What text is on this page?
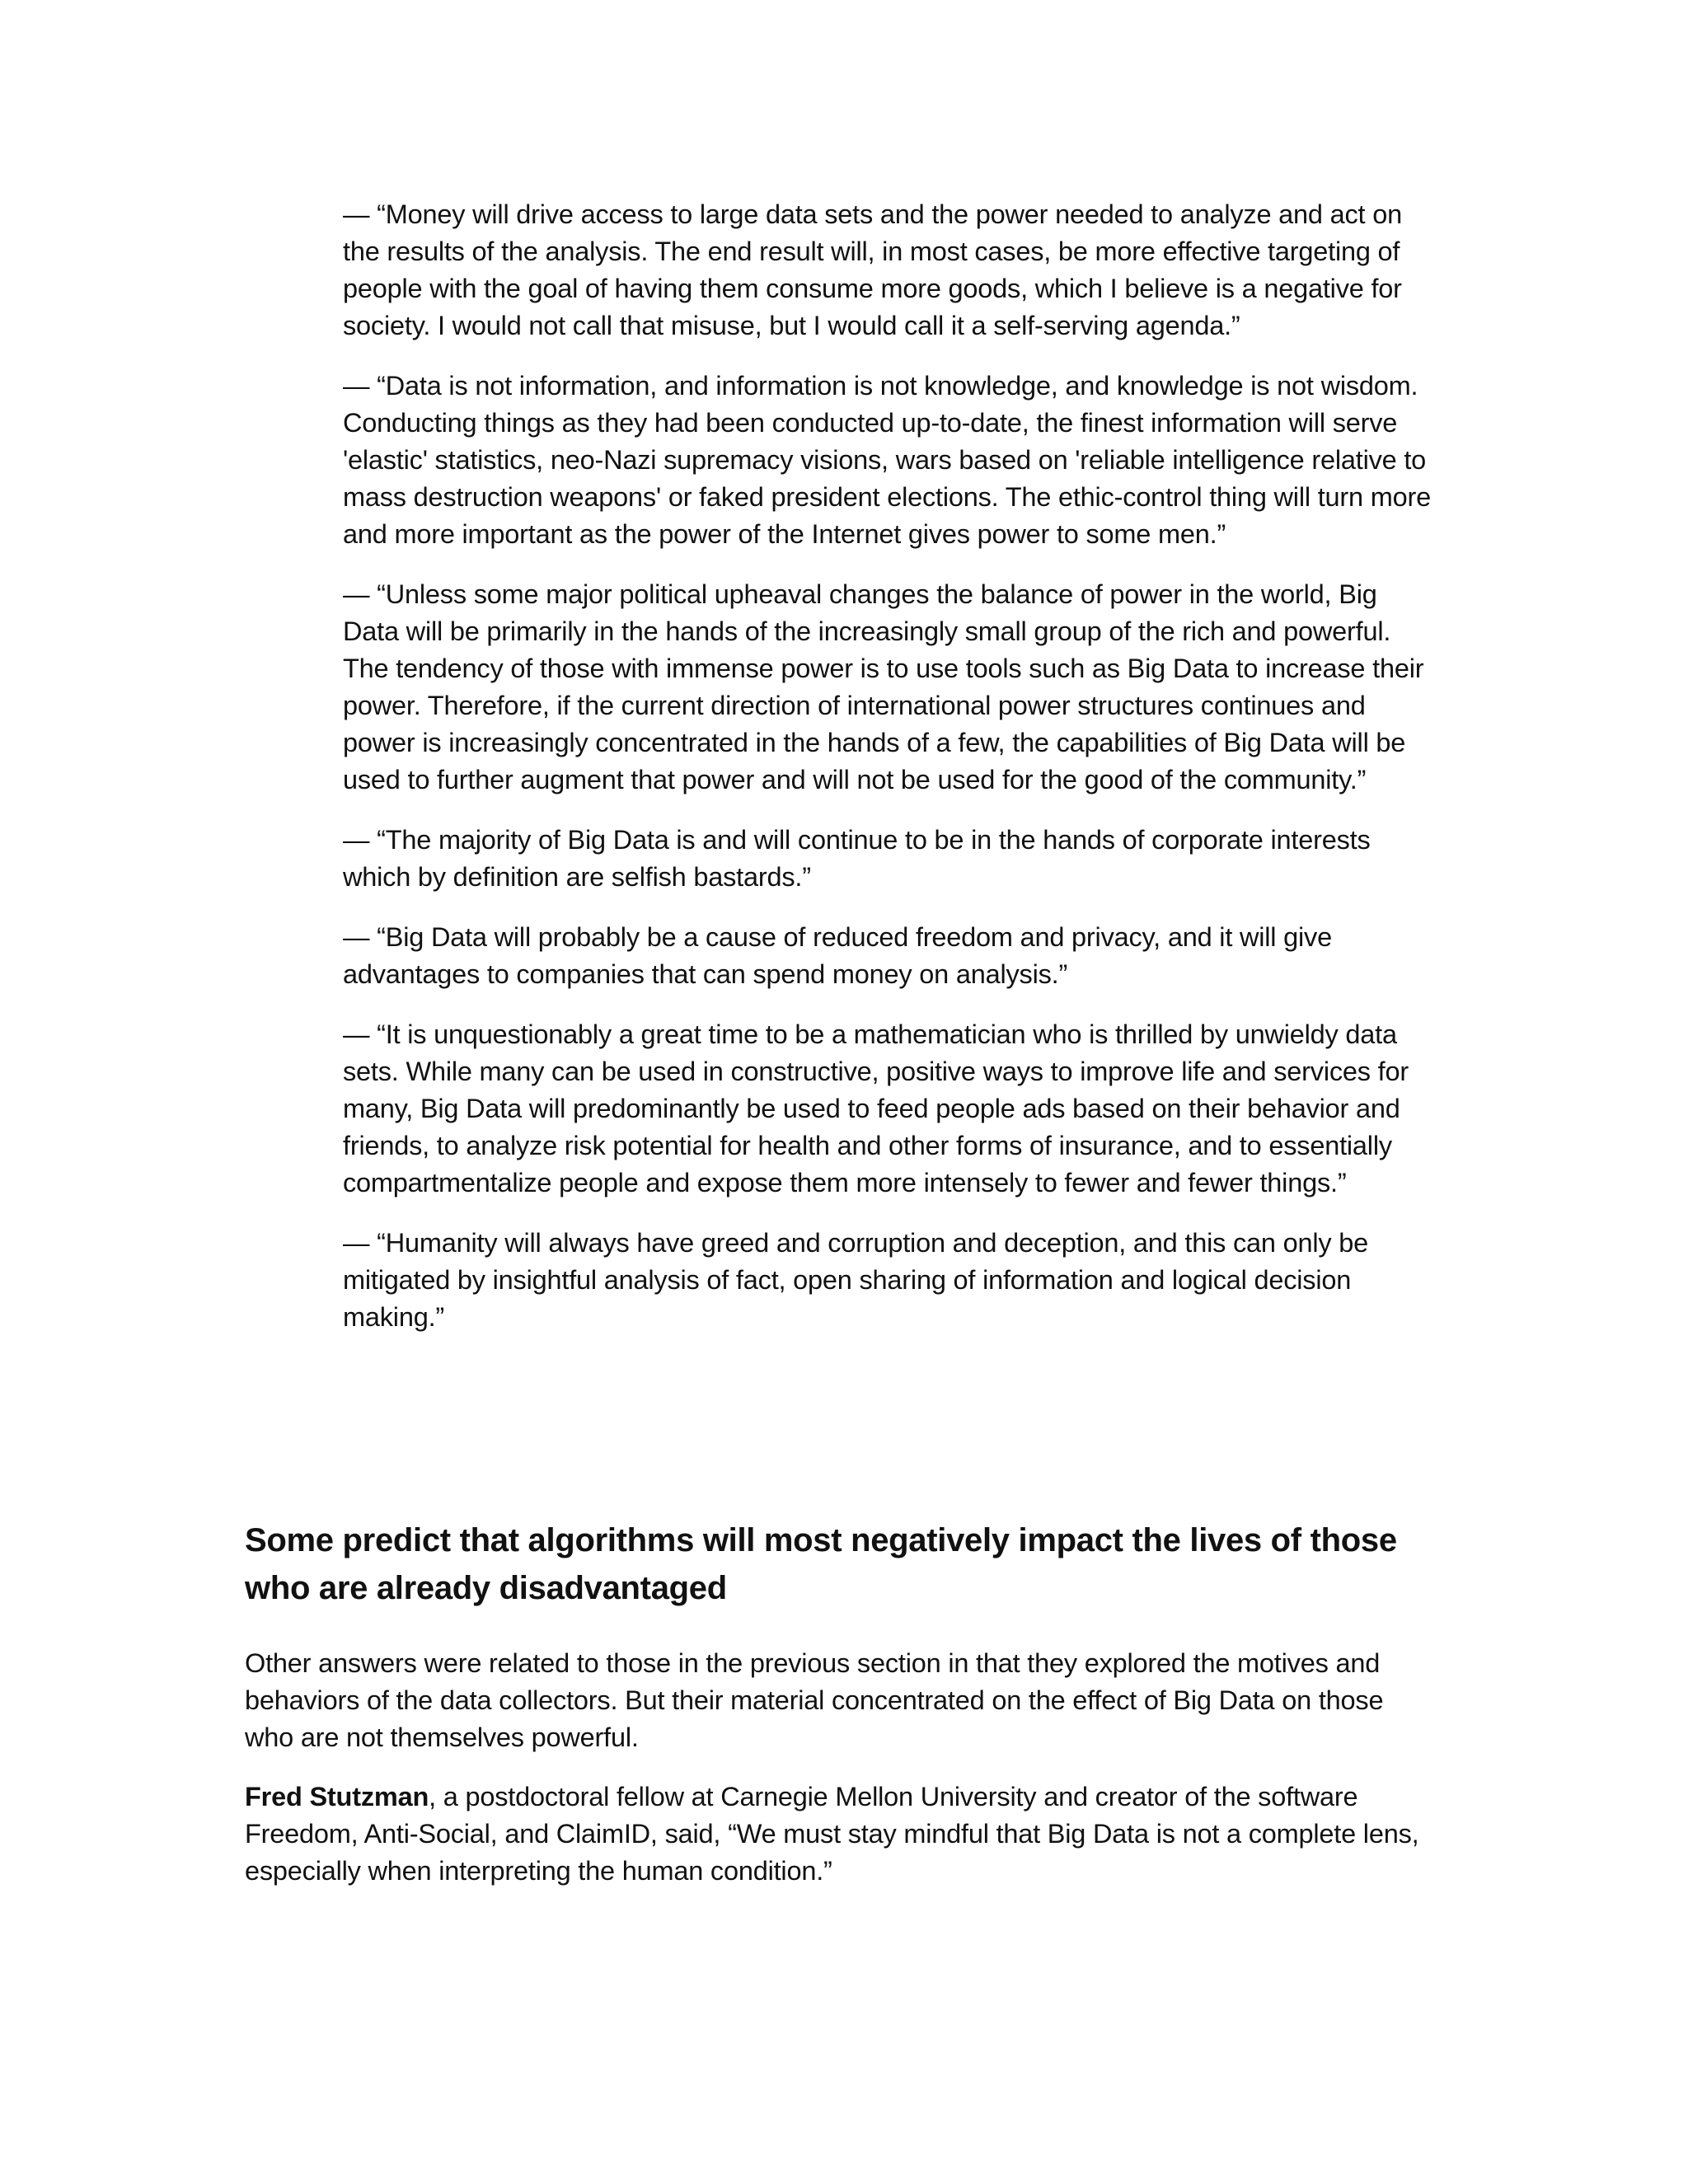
— “Money will drive access to large data sets and the power needed to analyze and act on the results of the analysis. The end result will, in most cases, be more effective targeting of people with the goal of having them consume more goods, which I believe is a negative for society. I would not call that misuse, but I would call it a self-serving agenda.”

— “Data is not information, and information is not knowledge, and knowledge is not wisdom. Conducting things as they had been conducted up-to-date, the finest information will serve 'elastic' statistics, neo-Nazi supremacy visions, wars based on 'reliable intelligence relative to mass destruction weapons' or faked president elections. The ethic-control thing will turn more and more important as the power of the Internet gives power to some men.”

— “Unless some major political upheaval changes the balance of power in the world, Big Data will be primarily in the hands of the increasingly small group of the rich and powerful. The tendency of those with immense power is to use tools such as Big Data to increase their power. Therefore, if the current direction of international power structures continues and power is increasingly concentrated in the hands of a few, the capabilities of Big Data will be used to further augment that power and will not be used for the good of the community.”

— “The majority of Big Data is and will continue to be in the hands of corporate interests which by definition are selfish bastards.”

— “Big Data will probably be a cause of reduced freedom and privacy, and it will give advantages to companies that can spend money on analysis.”

— “It is unquestionably a great time to be a mathematician who is thrilled by unwieldy data sets. While many can be used in constructive, positive ways to improve life and services for many, Big Data will predominantly be used to feed people ads based on their behavior and friends, to analyze risk potential for health and other forms of insurance, and to essentially compartmentalize people and expose them more intensely to fewer and fewer things.”

— “Humanity will always have greed and corruption and deception, and this can only be mitigated by insightful analysis of fact, open sharing of information and logical decision making.”

Some predict that algorithms will most negatively impact the lives of those who are already disadvantaged

Other answers were related to those in the previous section in that they explored the motives and behaviors of the data collectors. But their material concentrated on the effect of Big Data on those who are not themselves powerful.

Fred Stutzman, a postdoctoral fellow at Carnegie Mellon University and creator of the software Freedom, Anti-Social, and ClaimID, said, “We must stay mindful that Big Data is not a complete lens, especially when interpreting the human condition.”
